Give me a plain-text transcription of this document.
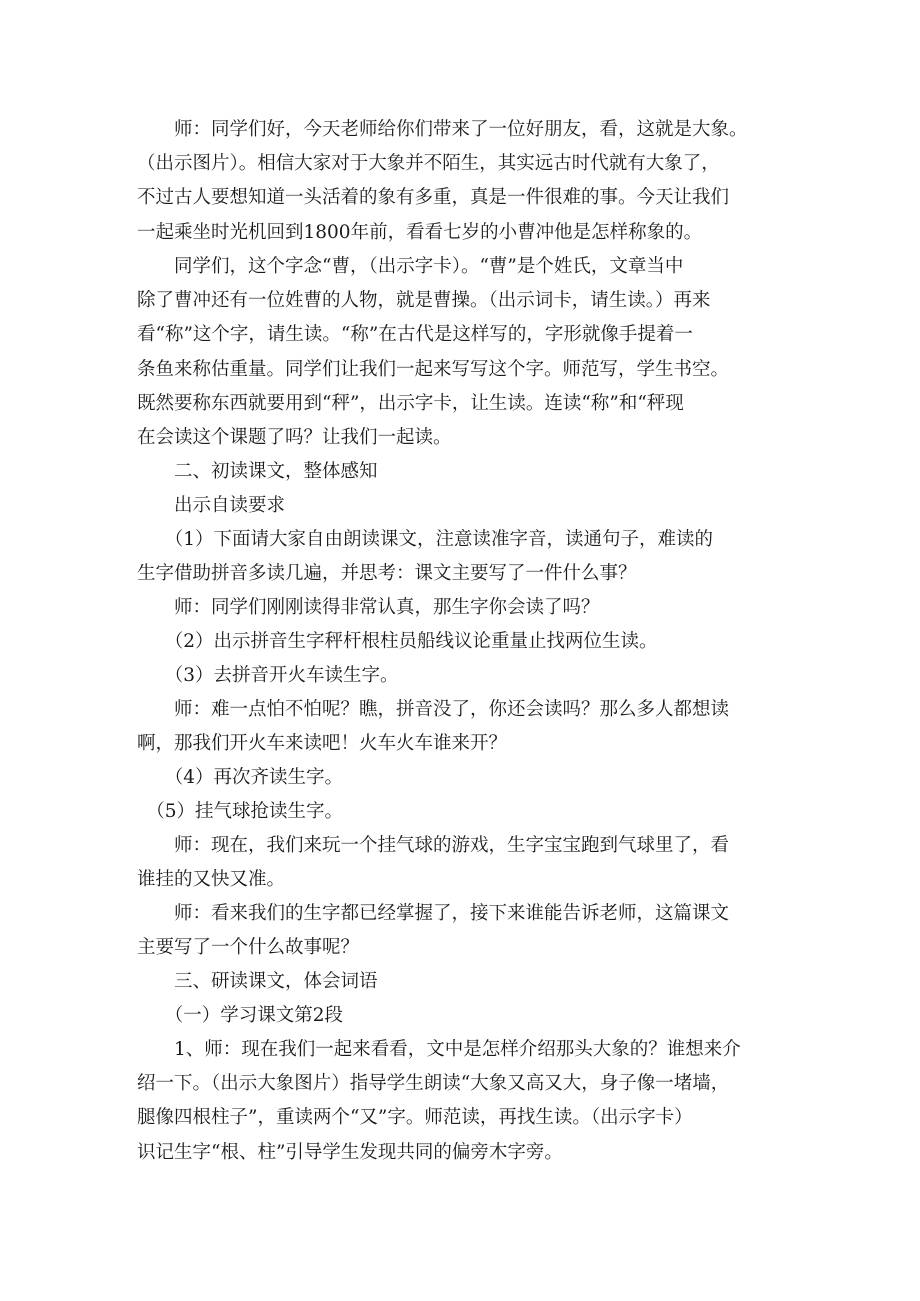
　　师：同学们好，今天老师给你们带来了一位好朋友，看，这就是大象。
（出示图片）。相信大家对于大象并不陌生，其实远古时代就有大象了，
不过古人要想知道一头活着的象有多重，真是一件很难的事。今天让我们
一起乘坐时光机回到1800年前，看看七岁的小曹冲他是怎样称象的。

　　同学们，这个字念“曹，（出示字卡）。“曹”是个姓氏，文章当中
除了曹冲还有一位姓曹的人物，就是曹操。（出示词卡，请生读。）再来
看“称”这个字，请生读。“称”在古代是这样写的，字形就像手提着一
条鱼来称估重量。同学们让我们一起来写写这个字。师范写，学生书空。
既然要称东西就要用到“秤”，出示字卡，让生读。连读“称”和“秤现
在会读这个课题了吗？让我们一起读。

　　二、初读课文，整体感知

　　出示自读要求

　　（1）下面请大家自由朗读课文，注意读准字音，读通句子，难读的
生字借助拼音多读几遍，并思考：课文主要写了一件什么事？

　　师：同学们刚刚读得非常认真，那生字你会读了吗？

　　（2）出示拼音生字秤杆根柱员船线议论重量止找两位生读。

　　（3）去拼音开火车读生字。

　　师：难一点怕不怕呢？瞧，拼音没了，你还会读吗？那么多人都想读
啊，那我们开火车来读吧！火车火车谁来开？

　　（4）再次齐读生字。

　（5）挂气球抢读生字。

　　师：现在，我们来玩一个挂气球的游戏，生字宝宝跑到气球里了，看
谁挂的又快又准。

　　师：看来我们的生字都已经掌握了，接下来谁能告诉老师，这篇课文
主要写了一个什么故事呢？

　　三、研读课文，体会词语

　　（一）学习课文第2段

　　1、师：现在我们一起来看看，文中是怎样介绍那头大象的？谁想来介
绍一下。（出示大象图片）指导学生朗读“大象又高又大，身子像一堵墙，
腿像四根柱子”，重读两个“又”字。师范读，再找生读。（出示字卡）
识记生字“根、柱”引导学生发现共同的偏旁木字旁。
